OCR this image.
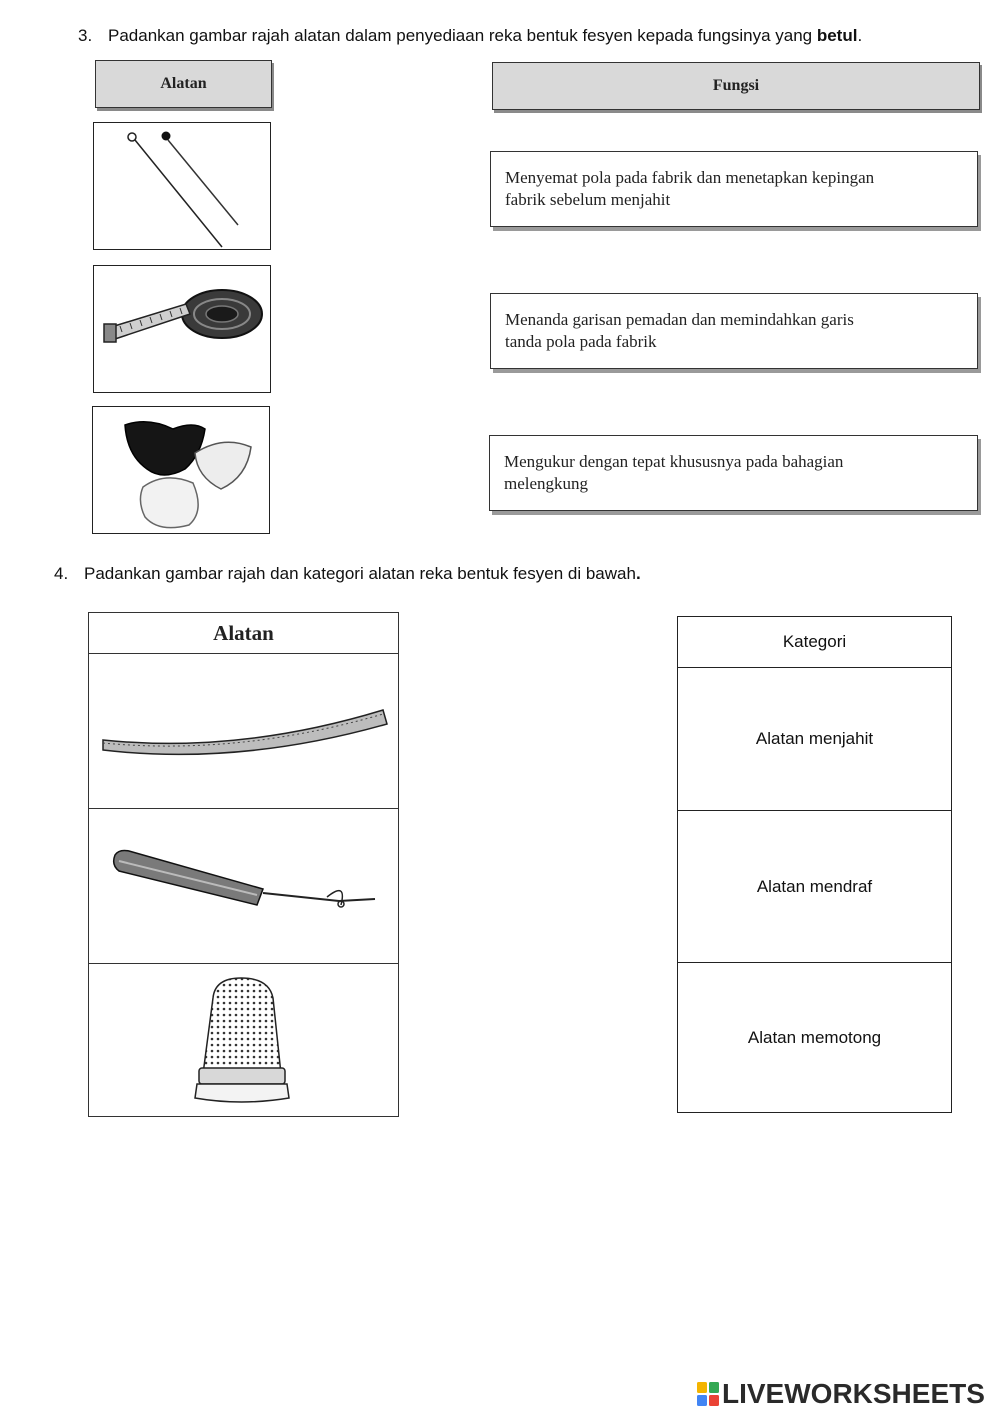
3. Padankan gambar rajah alatan dalam penyediaan reka bentuk fesyen kepada fungsinya yang betul.
Alatan	Fungsi
Menyemat pola pada fabrik dan menetapkan kepingan
fabrik sebelum menjahit
Menanda garisan pemadan dan memindahkan garis
tanda pola pada fabrik
Mengukur dengan tepat khususnya pada bahagian
melengkung
4. Padankan gambar rajah dan kategori alatan reka bentuk fesyen di bawah.
Alatan	Kategori
Alatan menjahit
Alatan mendraf
Alatan memotong
LIVEWORKSHEETS
